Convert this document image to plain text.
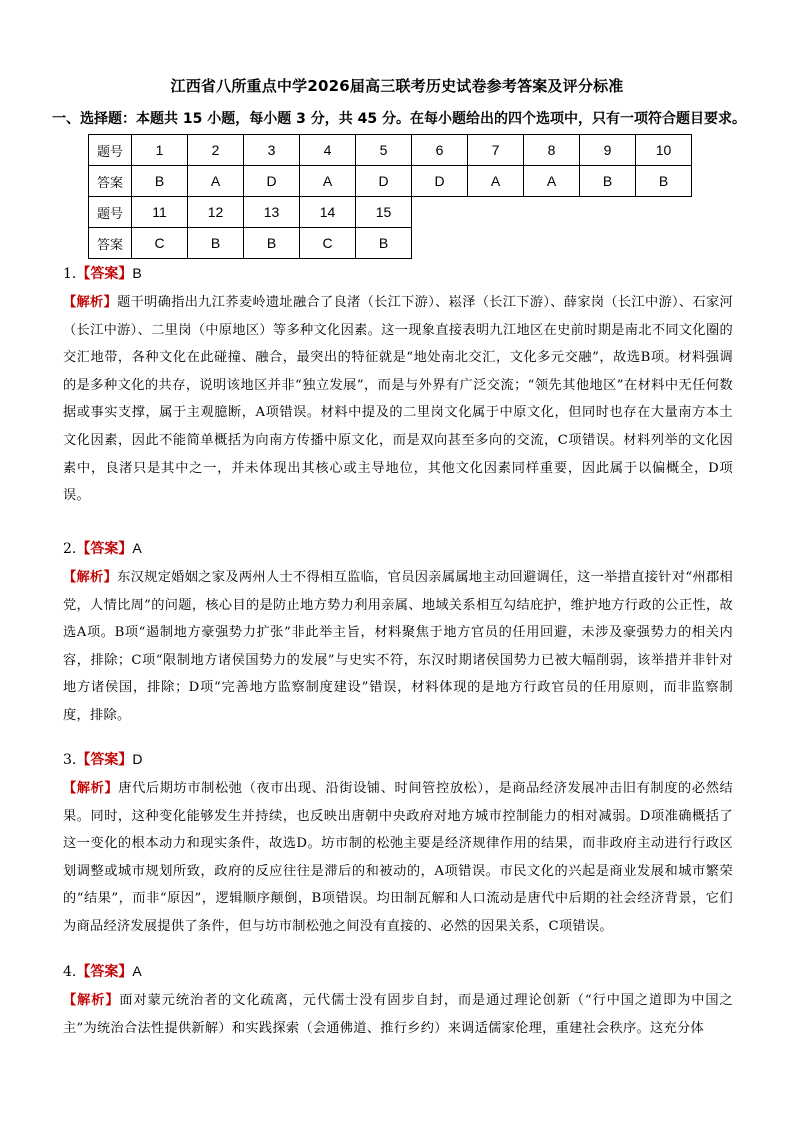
江西省八所重点中学2026届高三联考历史试卷参考答案及评分标准
一、选择题：本题共 15 小题，每小题 3 分，共 45 分。在每小题给出的四个选项中，只有一项符合题目要求。
题号	1	2	3	4	5	6	7	8	9	10
答案	B	A	D	A	D	D	A	A	B	B
题号	11	12	13	14	15
答案	C	B	B	C	B
1.【答案】B
【解析】题干明确指出九江荞麦岭遗址融合了良渚（长江下游）、崧泽（长江下游）、薛家岗（长江中游）、石家河（长江中游）、二里岗（中原地区）等多种文化因素。这一现象直接表明九江地区在史前时期是南北不同文化圈的交汇地带，各种文化在此碰撞、融合，最突出的特征就是“地处南北交汇，文化多元交融”，故选B项。材料强调的是多种文化的共存，说明该地区并非“独立发展”，而是与外界有广泛交流；“领先其他地区”在材料中无任何数据或事实支撑，属于主观臆断，A项错误。材料中提及的二里岗文化属于中原文化，但同时也存在大量南方本土文化因素，因此不能简单概括为向南方传播中原文化，而是双向甚至多向的交流，C项错误。材料列举的文化因素中，良渚只是其中之一，并未体现出其核心或主导地位，其他文化因素同样重要，因此属于以偏概全，D项误。
2.【答案】A
【解析】东汉规定婚姻之家及两州人士不得相互监临，官员因亲属属地主动回避调任，这一举措直接针对“州郡相党，人情比周”的问题，核心目的是防止地方势力利用亲属、地域关系相互勾结庇护，维护地方行政的公正性，故选A项。B项“遏制地方豪强势力扩张”非此举主旨，材料聚焦于地方官员的任用回避，未涉及豪强势力的相关内容，排除；C项“限制地方诸侯国势力的发展”与史实不符，东汉时期诸侯国势力已被大幅削弱，该举措并非针对地方诸侯国，排除；D项“完善地方监察制度建设”错误，材料体现的是地方行政官员的任用原则，而非监察制度，排除。
3.【答案】D
【解析】唐代后期坊市制松弛（夜市出现、沿街设铺、时间管控放松），是商品经济发展冲击旧有制度的必然结果。同时，这种变化能够发生并持续，也反映出唐朝中央政府对地方城市控制能力的相对减弱。D项准确概括了这一变化的根本动力和现实条件，故选D。坊市制的松弛主要是经济规律作用的结果，而非政府主动进行行政区划调整或城市规划所致，政府的反应往往是滞后的和被动的，A项错误。市民文化的兴起是商业发展和城市繁荣的“结果”，而非“原因”，逻辑顺序颠倒，B项错误。均田制瓦解和人口流动是唐代中后期的社会经济背景，它们为商品经济发展提供了条件，但与坊市制松弛之间没有直接的、必然的因果关系，C项错误。
4.【答案】A
【解析】面对蒙元统治者的文化疏离，元代儒士没有固步自封，而是通过理论创新（“行中国之道即为中国之主”为统治合法性提供新解）和实践探索（会通佛道、推行乡约）来调适儒家伦理，重建社会秩序。这充分体
